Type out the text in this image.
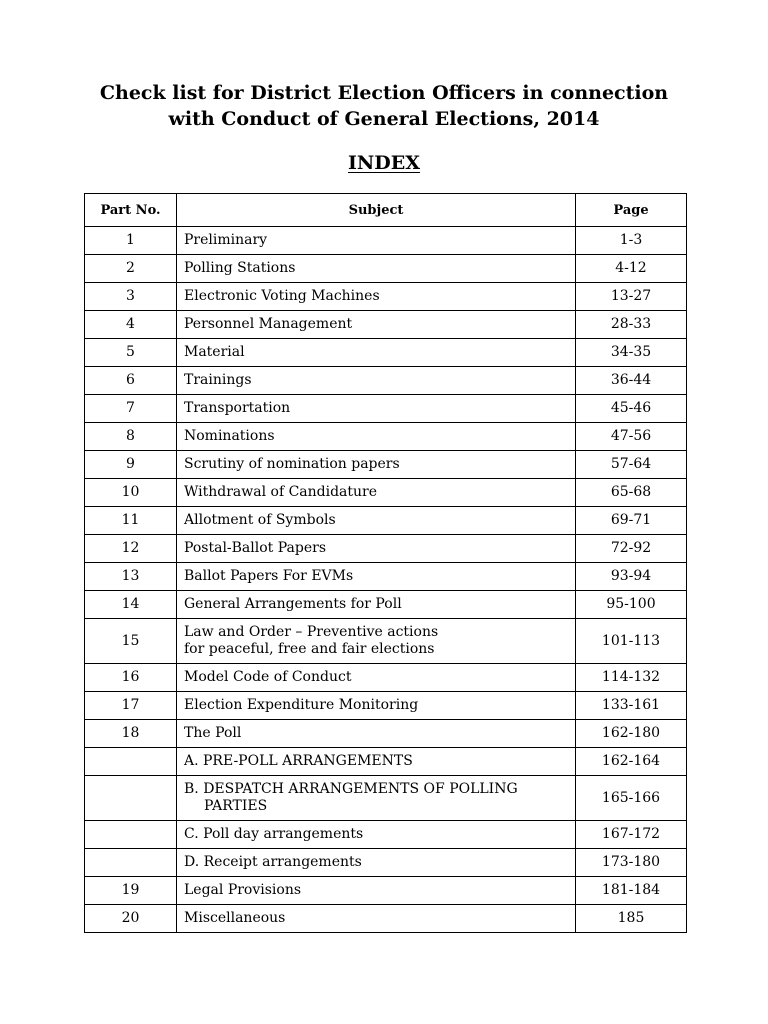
Check list for District Election Officers in connection
with Conduct of General Elections, 2014
INDEX
Part No.	Subject	Page
1	Preliminary	1-3
2	Polling Stations	4-12
3	Electronic Voting Machines	13-27
4	Personnel Management	28-33
5	Material	34-35
6	Trainings	36-44
7	Transportation	45-46
8	Nominations	47-56
9	Scrutiny of nomination papers	57-64
10	Withdrawal of Candidature	65-68
11	Allotment of Symbols	69-71
12	Postal-Ballot Papers	72-92
13	Ballot Papers For EVMs	93-94
14	General Arrangements for Poll	95-100
15	Law and Order – Preventive actions
for peaceful, free and fair elections	101-113
16	Model Code of Conduct	114-132
17	Election Expenditure Monitoring	133-161
18	The Poll	162-180
	A. PRE-POLL ARRANGEMENTS	162-164

	B. DESPATCH ARRANGEMENTS OF POLLING
PARTIES	165-166
	C. Poll day arrangements	167-172
	D. Receipt arrangements	173-180
19	Legal Provisions	181-184
20	Miscellaneous	185
